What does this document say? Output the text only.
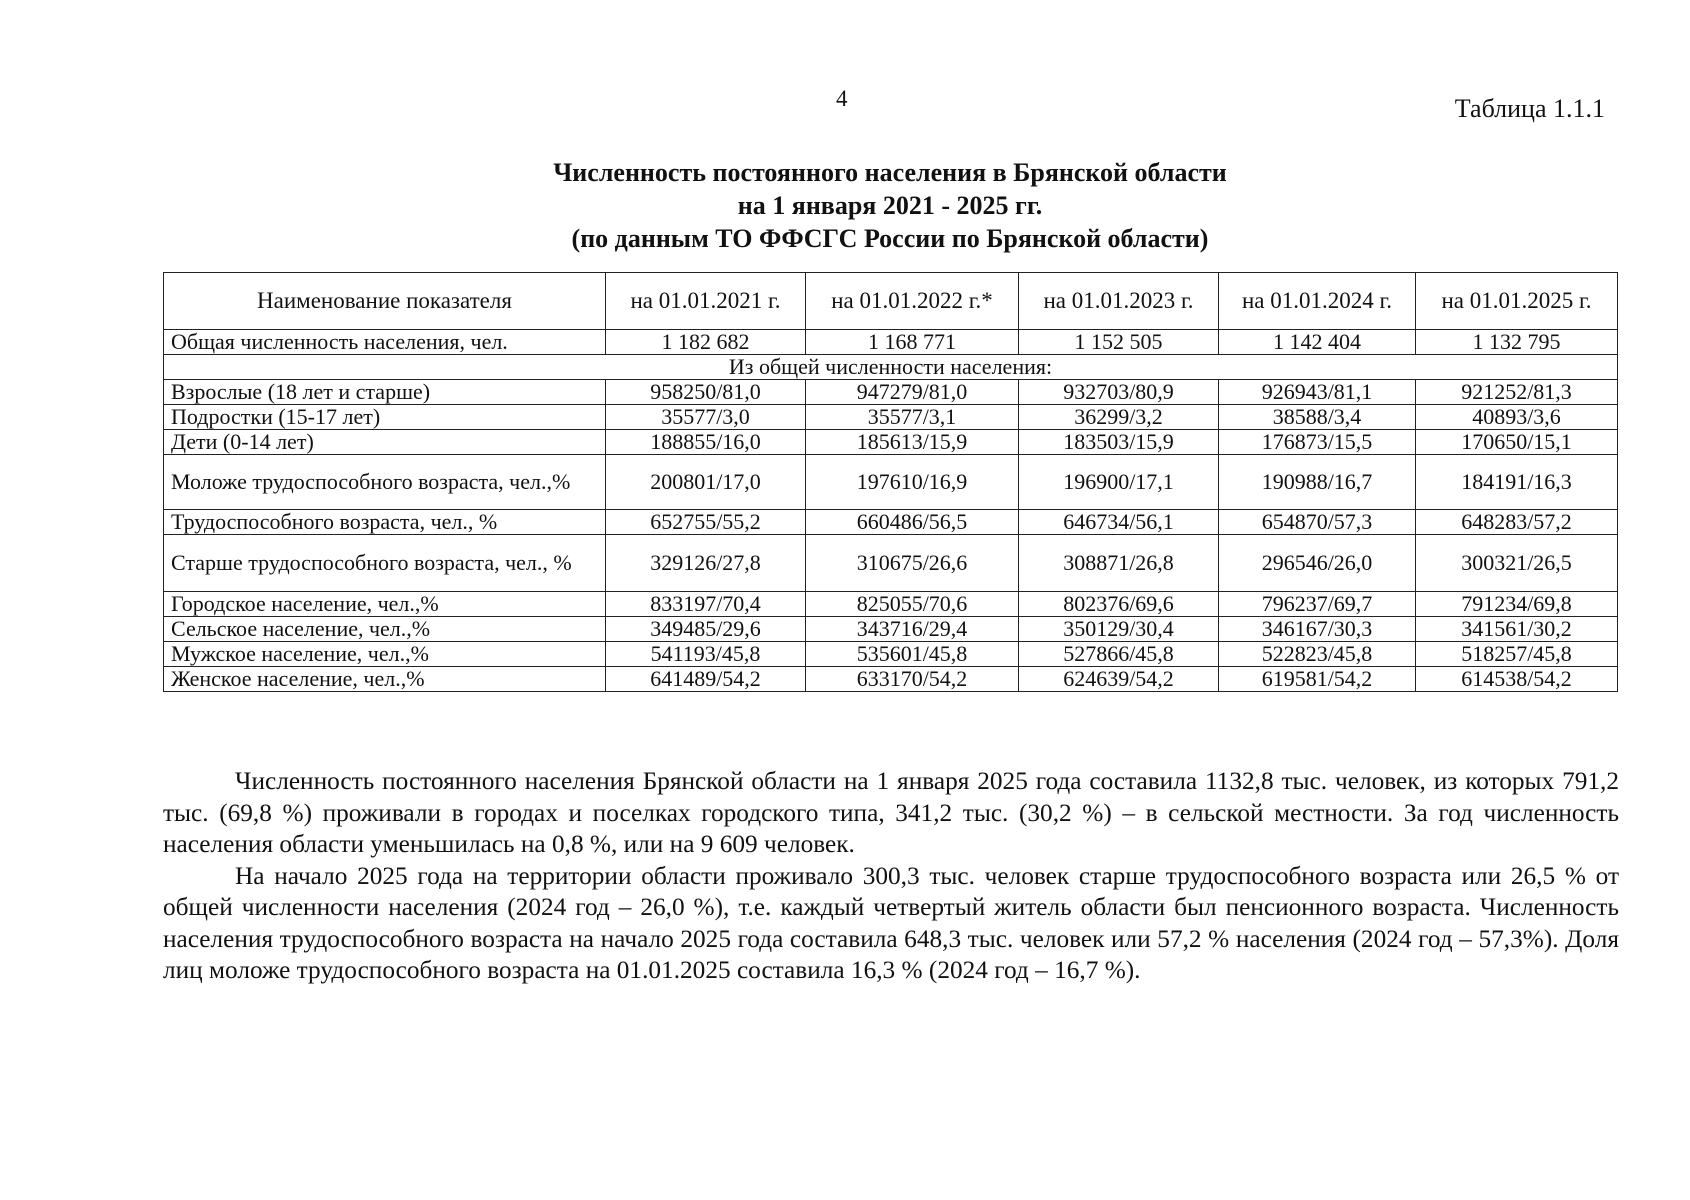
4	Таблица 1.1.1
Численность постоянного населения в Брянской области
на 1 января 2021 - 2025 гг.
(по данным ТО ФФСГС России по Брянской области)
Наименование показателя	на 01.01.2021 г.	на 01.01.2022 г.*	на 01.01.2023 г.	на 01.01.2024 г.	на 01.01.2025 г.
Общая численность населения, чел.	1 182 682	1 168 771	1 152 505	1 142 404	1 132 795
Из общей численности населения:					
Взрослые (18 лет и старше)	958250/81,0	947279/81,0	932703/80,9	926943/81,1	921252/81,3
Подростки (15-17 лет)	35577/3,0	35577/3,1	36299/3,2	38588/3,4	40893/3,6
Дети (0-14 лет)	188855/16,0	185613/15,9	183503/15,9	176873/15,5	170650/15,1
Моложе трудоспособного возраста, чел.,%	200801/17,0	197610/16,9	196900/17,1	190988/16,7	184191/16,3
Трудоспособного возраста, чел., %	652755/55,2	660486/56,5	646734/56,1	654870/57,3	648283/57,2
Старше трудоспособного возраста, чел., %	329126/27,8	310675/26,6	308871/26,8	296546/26,0	300321/26,5
Городское население, чел.,%	833197/70,4	825055/70,6	802376/69,6	796237/69,7	791234/69,8
Сельское население, чел.,%	349485/29,6	343716/29,4	350129/30,4	346167/30,3	341561/30,2
Мужское население, чел.,%	541193/45,8	535601/45,8	527866/45,8	522823/45,8	518257/45,8
Женское население, чел.,%	641489/54,2	633170/54,2	624639/54,2	619581/54,2	614538/54,2

Численность постоянного населения Брянской области на 1 января 2025 года составила 1132,8 тыс. человек, из которых 791,2 тыс. (69,8 %) проживали в городах и поселках городского типа, 341,2 тыс. (30,2 %) – в сельской местности. За год численность населения области уменьшилась на 0,8 %, или на 9 609 человек.

На начало 2025 года на территории области проживало 300,3 тыс. человек старше трудоспособного возраста или 26,5 % от общей численности населения (2024 год – 26,0 %), т.е. каждый четвертый житель области был пенсионного возраста. Численность населения трудоспособного возраста на начало 2025 года составила 648,3 тыс. человек или 57,2 % населения (2024 год – 57,3%). Доля лиц моложе трудоспособного возраста на 01.01.2025 составила 16,3 % (2024 год – 16,7 %).
